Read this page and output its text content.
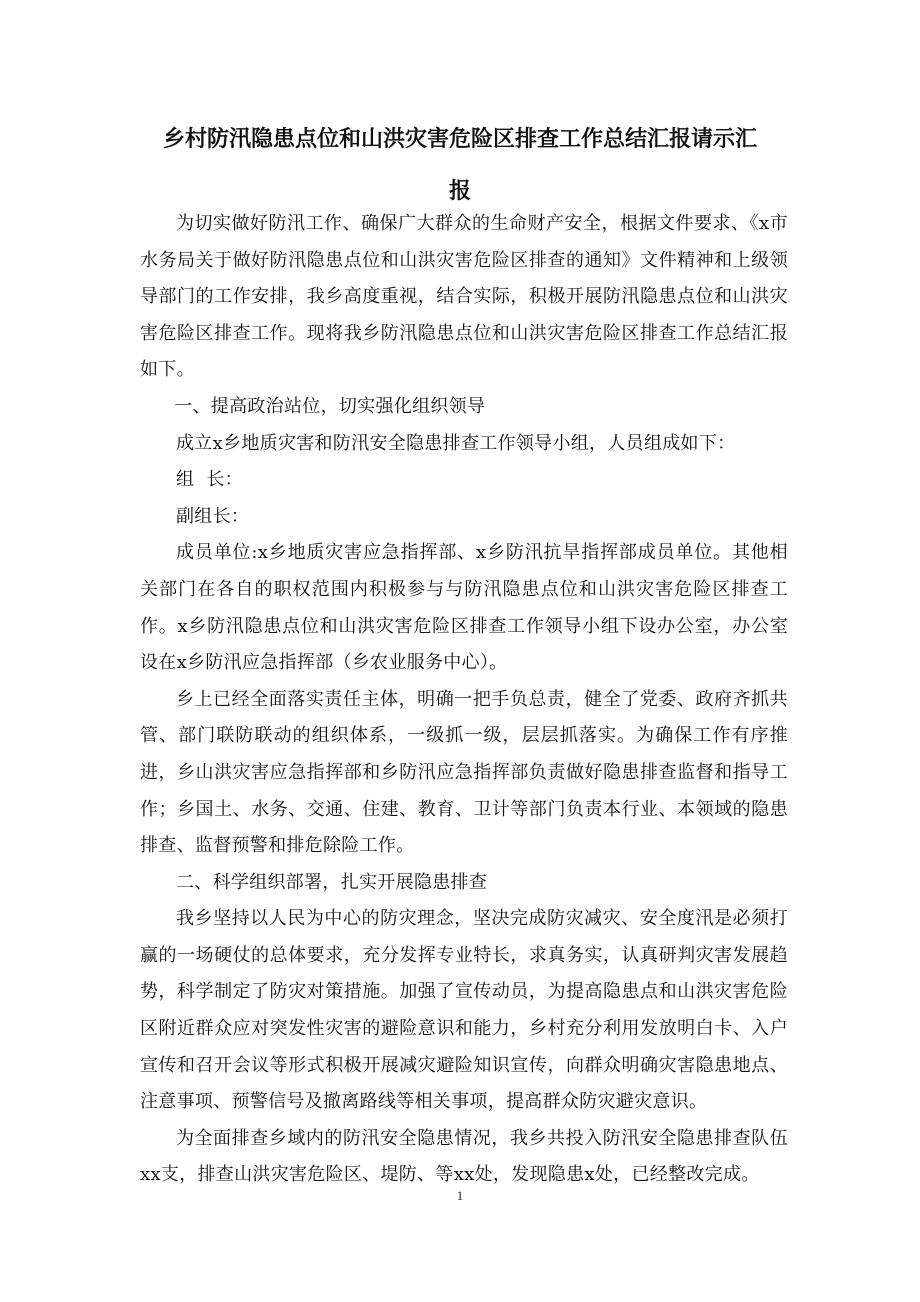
乡村防汛隐患点位和山洪灾害危险区排查工作总结汇报请示汇
报

为切实做好防汛工作、确保广大群众的生命财产安全，根据文件要求、《x市水务局关于做好防汛隐患点位和山洪灾害危险区排查的通知》文件精神和上级领导部门的工作安排，我乡高度重视，结合实际，积极开展防汛隐患点位和山洪灾害危险区排查工作。现将我乡防汛隐患点位和山洪灾害危险区排查工作总结汇报如下。

一、提高政治站位，切实强化组织领导

成立x乡地质灾害和防汛安全隐患排查工作领导小组，人员组成如下：

组  长：

副组长：

成员单位:x乡地质灾害应急指挥部、x乡防汛抗旱指挥部成员单位。其他相关部门在各自的职权范围内积极参与与防汛隐患点位和山洪灾害危险区排查工作。x乡防汛隐患点位和山洪灾害危险区排查工作领导小组下设办公室，办公室设在x乡防汛应急指挥部（乡农业服务中心）。

乡上已经全面落实责任主体，明确一把手负总责，健全了党委、政府齐抓共管、部门联防联动的组织体系，一级抓一级，层层抓落实。为确保工作有序推进，乡山洪灾害应急指挥部和乡防汛应急指挥部负责做好隐患排查监督和指导工作；乡国土、水务、交通、住建、教育、卫计等部门负责本行业、本领域的隐患排查、监督预警和排危除险工作。

二、科学组织部署，扎实开展隐患排查

我乡坚持以人民为中心的防灾理念，坚决完成防灾减灾、安全度汛是必须打赢的一场硬仗的总体要求，充分发挥专业特长，求真务实，认真研判灾害发展趋势，科学制定了防灾对策措施。加强了宣传动员，为提高隐患点和山洪灾害危险区附近群众应对突发性灾害的避险意识和能力，乡村充分利用发放明白卡、入户宣传和召开会议等形式积极开展减灾避险知识宣传，向群众明确灾害隐患地点、注意事项、预警信号及撤离路线等相关事项，提高群众防灾避灾意识。

为全面排查乡域内的防汛安全隐患情况，我乡共投入防汛安全隐患排查队伍xx支，排查山洪灾害危险区、堤防、等xx处，发现隐患x处，已经整改完成。

1
